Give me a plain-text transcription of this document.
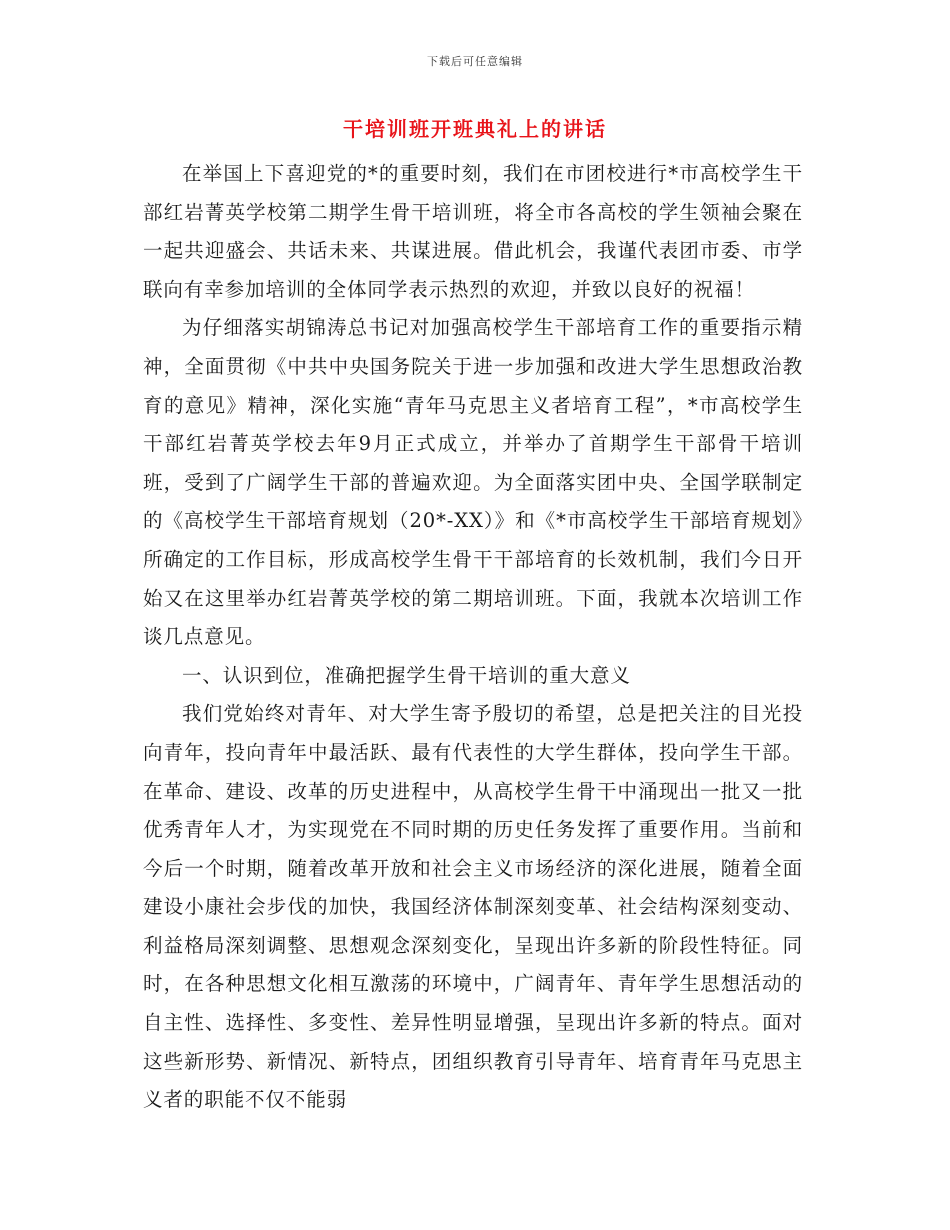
下载后可任意编辑
干培训班开班典礼上的讲话

在举国上下喜迎党的*的重要时刻，我们在市团校进行*市高校学生干部红岩菁英学校第二期学生骨干培训班，将全市各高校的学生领袖会聚在一起共迎盛会、共话未来、共谋进展。借此机会，我谨代表团市委、市学联向有幸参加培训的全体同学表示热烈的欢迎，并致以良好的祝福！

为仔细落实胡锦涛总书记对加强高校学生干部培育工作的重要指示精神，全面贯彻《中共中央国务院关于进一步加强和改进大学生思想政治教育的意见》精神，深化实施“青年马克思主义者培育工程”，*市高校学生干部红岩菁英学校去年9月正式成立，并举办了首期学生干部骨干培训班，受到了广阔学生干部的普遍欢迎。为全面落实团中央、全国学联制定的《高校学生干部培育规划（20*-XX）》和《*市高校学生干部培育规划》所确定的工作目标，形成高校学生骨干干部培育的长效机制，我们今日开始又在这里举办红岩菁英学校的第二期培训班。下面，我就本次培训工作谈几点意见。

一、认识到位，准确把握学生骨干培训的重大意义

我们党始终对青年、对大学生寄予殷切的希望，总是把关注的目光投向青年，投向青年中最活跃、最有代表性的大学生群体，投向学生干部。在革命、建设、改革的历史进程中，从高校学生骨干中涌现出一批又一批优秀青年人才，为实现党在不同时期的历史任务发挥了重要作用。当前和今后一个时期，随着改革开放和社会主义市场经济的深化进展，随着全面建设小康社会步伐的加快，我国经济体制深刻变革、社会结构深刻变动、利益格局深刻调整、思想观念深刻变化，呈现出许多新的阶段性特征。同时，在各种思想文化相互激荡的环境中，广阔青年、青年学生思想活动的自主性、选择性、多变性、差异性明显增强，呈现出许多新的特点。面对这些新形势、新情况、新特点，团组织教育引导青年、培育青年马克思主义者的职能不仅不能弱
